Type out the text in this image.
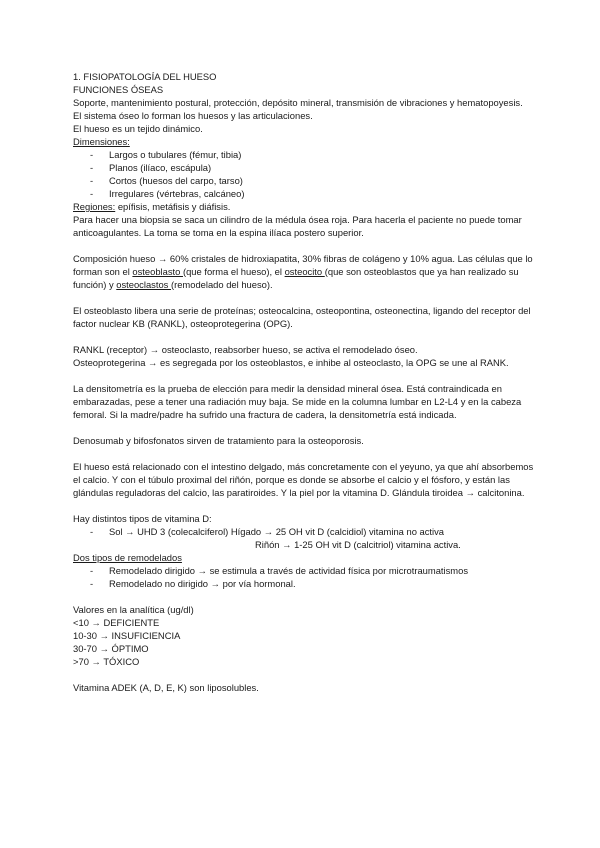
1. FISIOPATOLOGÍA DEL HUESO

FUNCIONES ÓSEAS

Soporte, mantenimiento postural, protección, depósito mineral, transmisión de vibraciones y hematopoyesis.

El sistema óseo lo forman los huesos y las articulaciones.

El hueso es un tejido dinámico.

Dimensiones:

- Largos o tubulares (fémur, tibia)
- Planos (ilíaco, escápula)
- Cortos (huesos del carpo, tarso)
- Irregulares (vértebras, calcáneo)

Regiones: epífisis, metáfisis y diáfisis.

Para hacer una biopsia se saca un cilindro de la médula ósea roja. Para hacerla el paciente no puede tomar anticoagulantes. La toma se toma en la espina ilíaca postero superior.

Composición hueso → 60% cristales de hidroxiapatita, 30% fibras de colágeno y 10% agua. Las células que lo forman son el osteoblasto (que forma el hueso), el osteocito (que son osteoblastos que ya han realizado su función) y osteoclastos (remodelado del hueso).

El osteoblasto libera una serie de proteínas; osteocalcina, osteopontina, osteonectina, ligando del receptor del factor nuclear KB (RANKL), osteoprotegerina (OPG).

RANKL (receptor) → osteoclasto, reabsorber hueso, se activa el remodelado óseo.

Osteoprotegerina → es segregada por los osteoblastos, e inhibe al osteoclasto, la OPG se une al RANK.

La densitometría es la prueba de elección para medir la densidad mineral ósea. Está contraindicada en embarazadas, pese a tener una radiación muy baja. Se mide en la columna lumbar en L2-L4 y en la cabeza femoral. Si la madre/padre ha sufrido una fractura de cadera, la densitometría está indicada.

Denosumab y bifosfonatos sirven de tratamiento para la osteoporosis.

El hueso está relacionado con el intestino delgado, más concretamente con el yeyuno, ya que ahí absorbemos el calcio. Y con el túbulo proximal del riñón, porque es donde se absorbe el calcio y el fósforo, y están las glándulas reguladoras del calcio, las paratiroides. Y la piel por la vitamina D. Glándula tiroidea → calcitonina.

Hay distintos tipos de vitamina D:

- Sol → UHD 3 (colecalciferol) Hígado → 25 OH vit D (calcidiol) vitamina no activa

Riñón → 1-25 OH vit D (calcitriol) vitamina activa.

Dos tipos de remodelados

- Remodelado dirigido → se estimula a través de actividad física por microtraumatismos
- Remodelado no dirigido → por vía hormonal.

Valores en la analítica (ug/dl)

<10 → DEFICIENTE

10-30 → INSUFICIENCIA

30-70 → ÓPTIMO

>70 → TÓXICO

Vitamina ADEK (A, D, E, K) son liposolubles.
